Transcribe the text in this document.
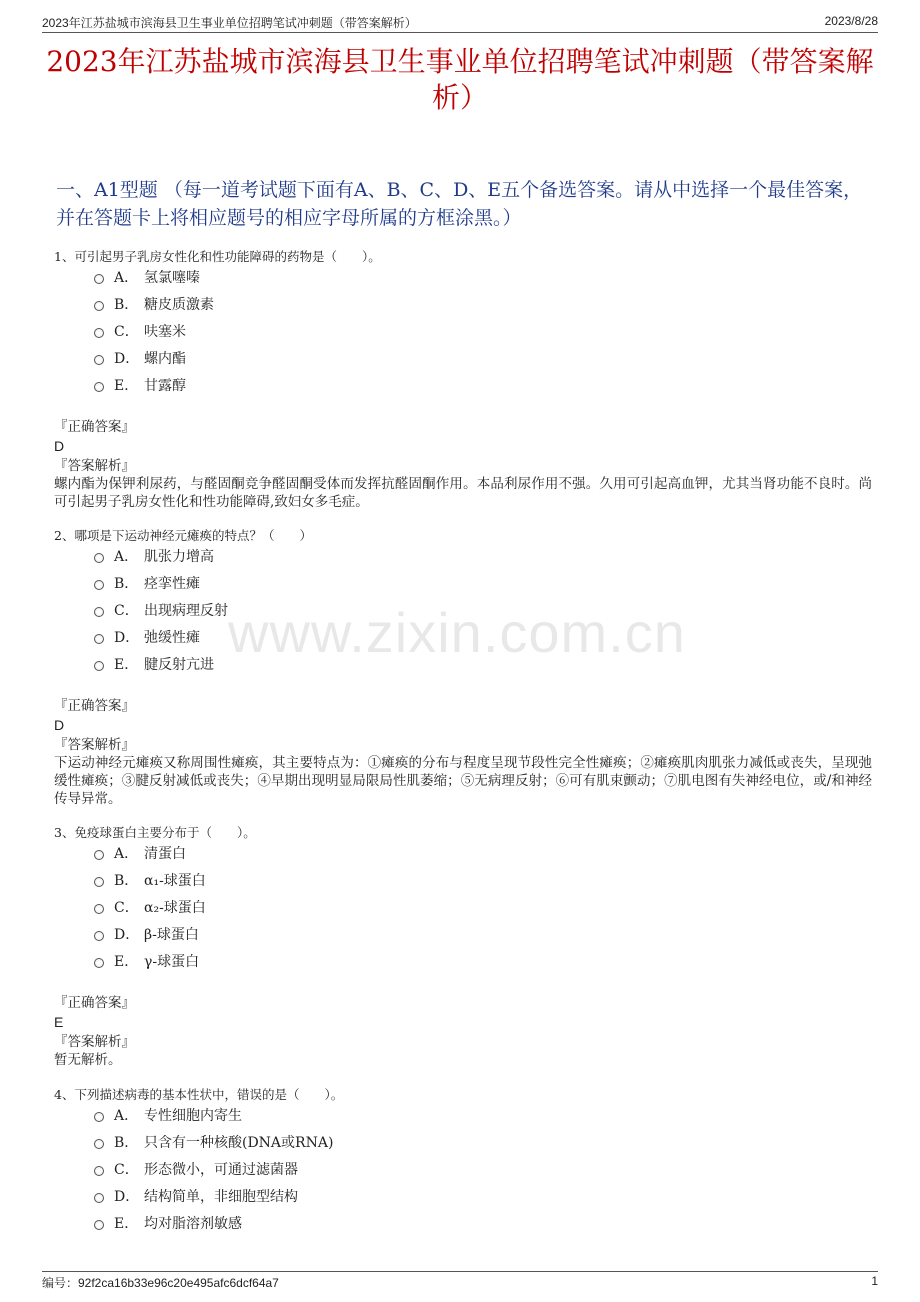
2023年江苏盐城市滨海县卫生事业单位招聘笔试冲刺题（带答案解析）	2023/8/28
2023年江苏盐城市滨海县卫生事业单位招聘笔试冲刺题（带答案解析）
一、A1型题 （每一道考试题下面有A、B、C、D、E五个备选答案。请从中选择一个最佳答案，并在答题卡上将相应题号的相应字母所属的方框涂黑。）
www.zixin.com.cn
1、可引起男子乳房女性化和性功能障碍的药物是（　　）。
A． 氢氯噻嗪
B． 糖皮质激素
C． 呋塞米
D． 螺内酯
E． 甘露醇
『正确答案』
D
『答案解析』
螺内酯为保钾利尿药，与醛固酮竞争醛固酮受体而发挥抗醛固酮作用。本品利尿作用不强。久用可引起高血钾，尤其当肾功能不良时。尚可引起男子乳房女性化和性功能障碍,致妇女多毛症。
2、哪项是下运动神经元瘫痪的特点？（　　）
A． 肌张力增高
B． 痉挛性瘫
C． 出现病理反射
D． 弛缓性瘫
E． 腱反射亢进
『正确答案』
D
『答案解析』
下运动神经元瘫痪又称周围性瘫痪，其主要特点为：①瘫痪的分布与程度呈现节段性完全性瘫痪；②瘫痪肌肉肌张力减低或丧失，呈现弛缓性瘫痪；③腱反射减低或丧失；④早期出现明显局限局性肌萎缩；⑤无病理反射；⑥可有肌束颤动；⑦肌电图有失神经电位，或/和神经传导异常。
3、免疫球蛋白主要分布于（　　）。
A． 清蛋白
B． α₁-球蛋白
C． α₂-球蛋白
D． β-球蛋白
E． γ-球蛋白
『正确答案』
E
『答案解析』
暂无解析。
4、下列描述病毒的基本性状中，错误的是（　　）。
A． 专性细胞内寄生
B． 只含有一种核酸(DNA或RNA)
C． 形态微小，可通过滤菌器
D． 结构简单，非细胞型结构
E． 均对脂溶剂敏感
编号：92f2ca16b33e96c20e495afc6dcf64a7	1
